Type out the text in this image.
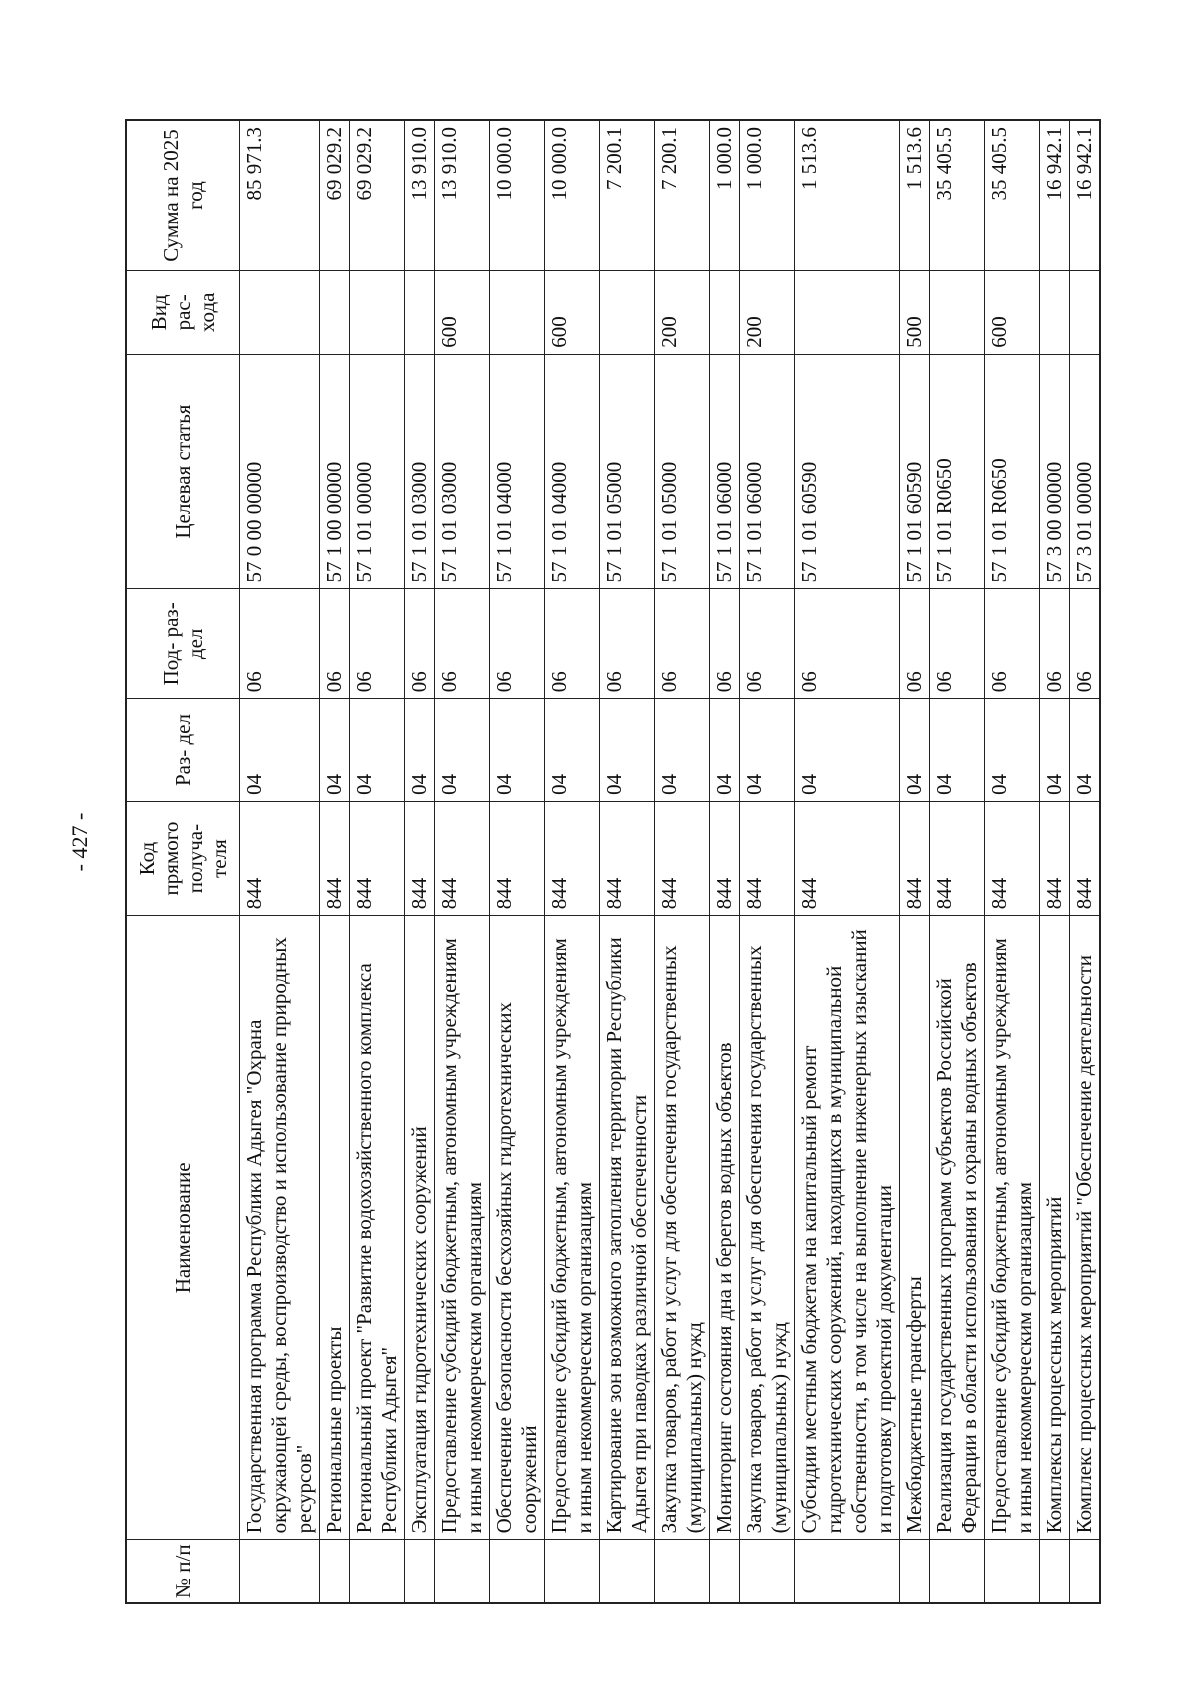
- 427 -
№ п/п	Наименование	Код прямого получа- теля	Раз- дел	Под- раз- дел	Целевая статья	Вид рас- хода	Сумма на 2025 год
	Государственная программа Республики Адыгея "Охрана окружающей среды, воспроизводство и использование природных ресурсов"	844	04	06	57 0 00 00000		85 971.3
	Региональные проекты	844	04	06	57 1 00 00000		69 029.2
	Региональный проект "Развитие водохозяйственного комплекса Республики Адыгея"	844	04	06	57 1 01 00000		69 029.2
	Эксплуатация гидротехнических сооружений	844	04	06	57 1 01 03000		13 910.0
	Предоставление субсидий бюджетным, автономным учреждениям и иным некоммерческим организациям	844	04	06	57 1 01 03000	600	13 910.0
	Обеспечение безопасности бесхозяйных гидротехнических сооружений	844	04	06	57 1 01 04000		10 000.0
	Предоставление субсидий бюджетным, автономным учреждениям и иным некоммерческим организациям	844	04	06	57 1 01 04000	600	10 000.0
	Картирование зон возможного затопления территории Республики Адыгея при паводках различной обеспеченности	844	04	06	57 1 01 05000		7 200.1
	Закупка товаров, работ и услуг для обеспечения государственных (муниципальных) нужд	844	04	06	57 1 01 05000	200	7 200.1
	Мониторинг состояния дна и берегов водных объектов	844	04	06	57 1 01 06000		1 000.0
	Закупка товаров, работ и услуг для обеспечения государственных (муниципальных) нужд	844	04	06	57 1 01 06000	200	1 000.0
	Субсидии местным бюджетам на капитальный ремонт гидротехнических сооружений, находящихся в муниципальной собственности, в том числе на выполнение инженерных изысканий и подготовку проектной документации	844	04	06	57 1 01 60590		1 513.6
	Межбюджетные трансферты	844	04	06	57 1 01 60590	500	1 513.6
	Реализация государственных программ субъектов Российской Федерации в области использования и охраны водных объектов	844	04	06	57 1 01 R0650		35 405.5
	Предоставление субсидий бюджетным, автономным учреждениям и иным некоммерческим организациям	844	04	06	57 1 01 R0650	600	35 405.5
	Комплексы процессных мероприятий	844	04	06	57 3 00 00000		16 942.1
	Комплекс процессных мероприятий "Обеспечение деятельности	844	04	06	57 3 01 00000		16 942.1
